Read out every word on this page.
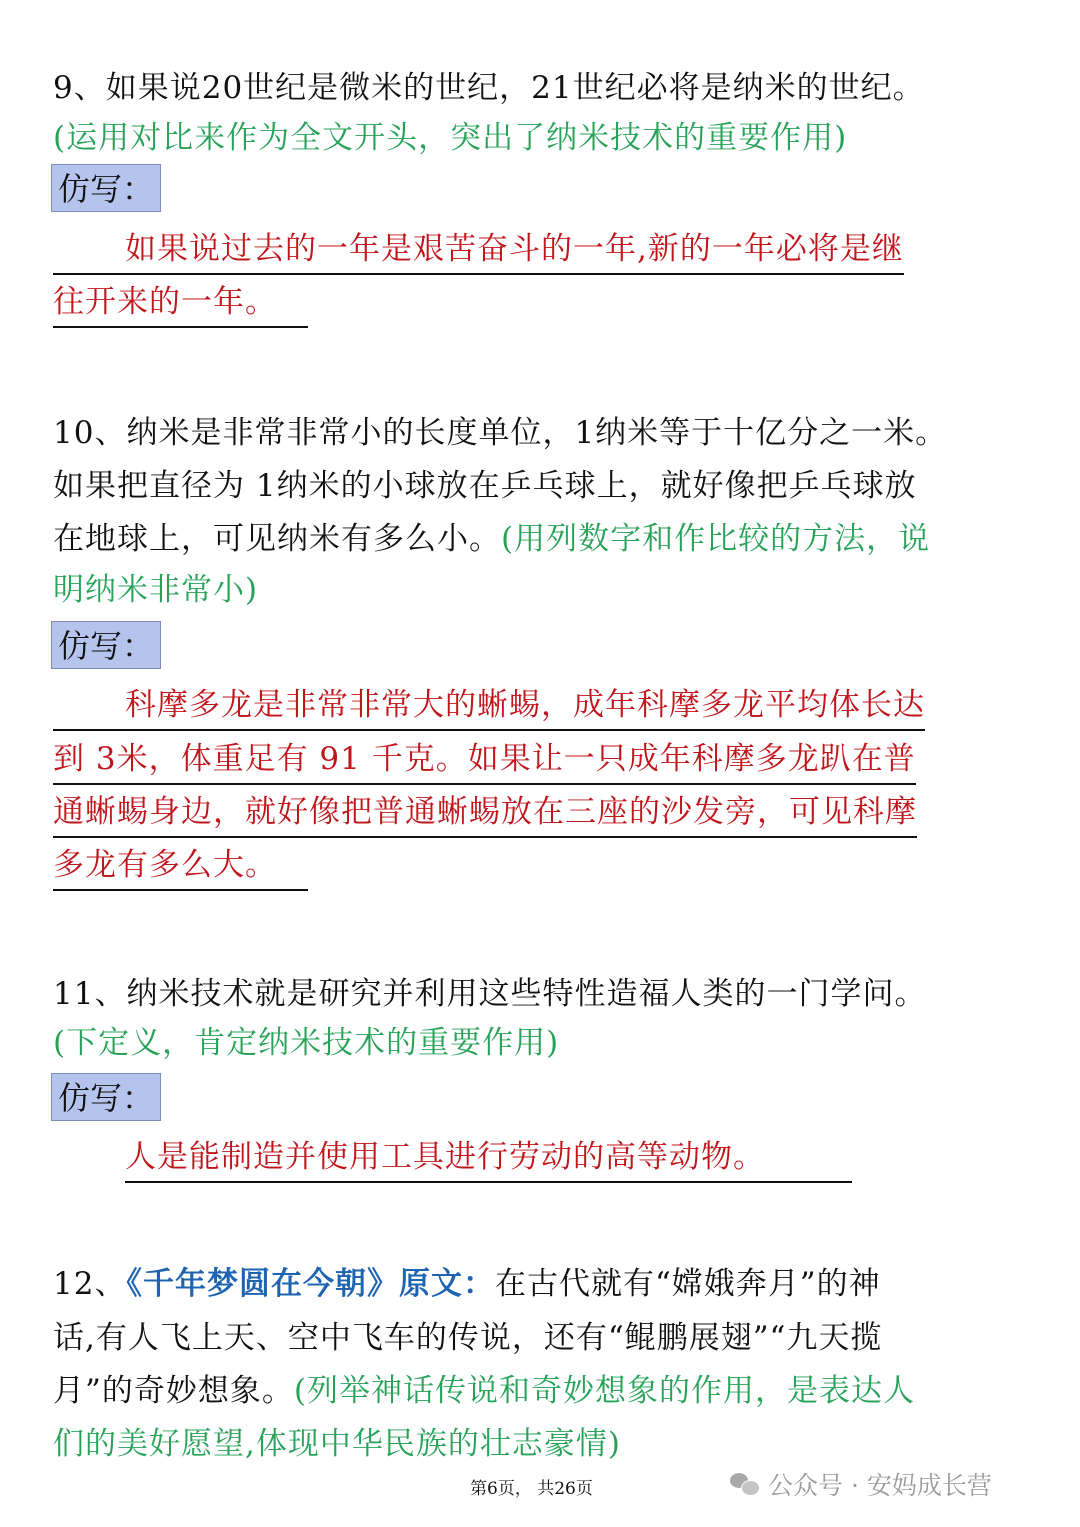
9、如果说20世纪是微米的世纪，21世纪必将是纳米的世纪。
(运用对比来作为全文开头，突出了纳米技术的重要作用)
仿写：
如果说过去的一年是艰苦奋斗的一年,新的一年必将是继
往开来的一年。
10、纳米是非常非常小的长度单位，1纳米等于十亿分之一米。
如果把直径为 1纳米的小球放在乒乓球上，就好像把乒乓球放
在地球上，可见纳米有多么小。(用列数字和作比较的方法，说
明纳米非常小)
仿写：
科摩多龙是非常非常大的蜥蜴，成年科摩多龙平均体长达
到 3米，体重足有 91 千克。如果让一只成年科摩多龙趴在普
通蜥蜴身边，就好像把普通蜥蜴放在三座的沙发旁，可见科摩
多龙有多么大。
11、纳米技术就是研究并利用这些特性造福人类的一门学问。
(下定义，肯定纳米技术的重要作用)
仿写：
人是能制造并使用工具进行劳动的高等动物。
12、《千年梦圆在今朝》原文：在古代就有“嫦娥奔月”的神
话,有人飞上天、空中飞车的传说，还有“鲲鹏展翅”“九天揽
月”的奇妙想象。(列举神话传说和奇妙想象的作用，是表达人
们的美好愿望,体现中华民族的壮志豪情)
第6页， 共26页	公众号 · 安妈成长营
